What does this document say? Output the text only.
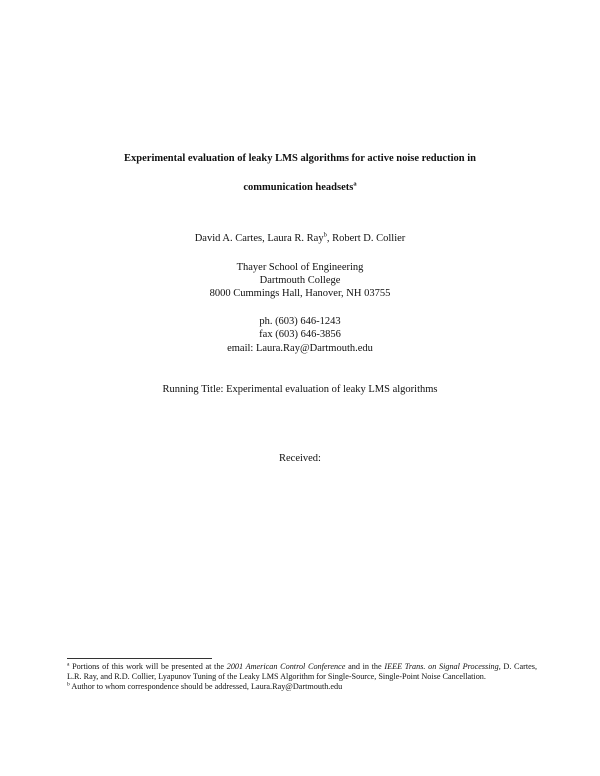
Experimental evaluation of leaky LMS algorithms for active noise reduction in
communication headsets$^a$
David A. Cartes, Laura R. Ray$^b$, Robert D. Collier
Thayer School of Engineering
Dartmouth College
8000 Cummings Hall, Hanover, NH 03755
ph. (603) 646-1243
fax (603) 646-3856
email: Laura.Ray@Dartmouth.edu
Running Title: Experimental evaluation of leaky LMS algorithms
Received:

$^a$ Portions of this work will be presented at the 2001 American Control Conference and in the IEEE Trans. on Signal Processing, D. Cartes, L.R. Ray, and R.D. Collier, Lyapunov Tuning of the Leaky LMS Algorithm for Single-Source, Single-Point Noise Cancellation.

$^b$ Author to whom correspondence should be addressed, Laura.Ray@Dartmouth.edu
